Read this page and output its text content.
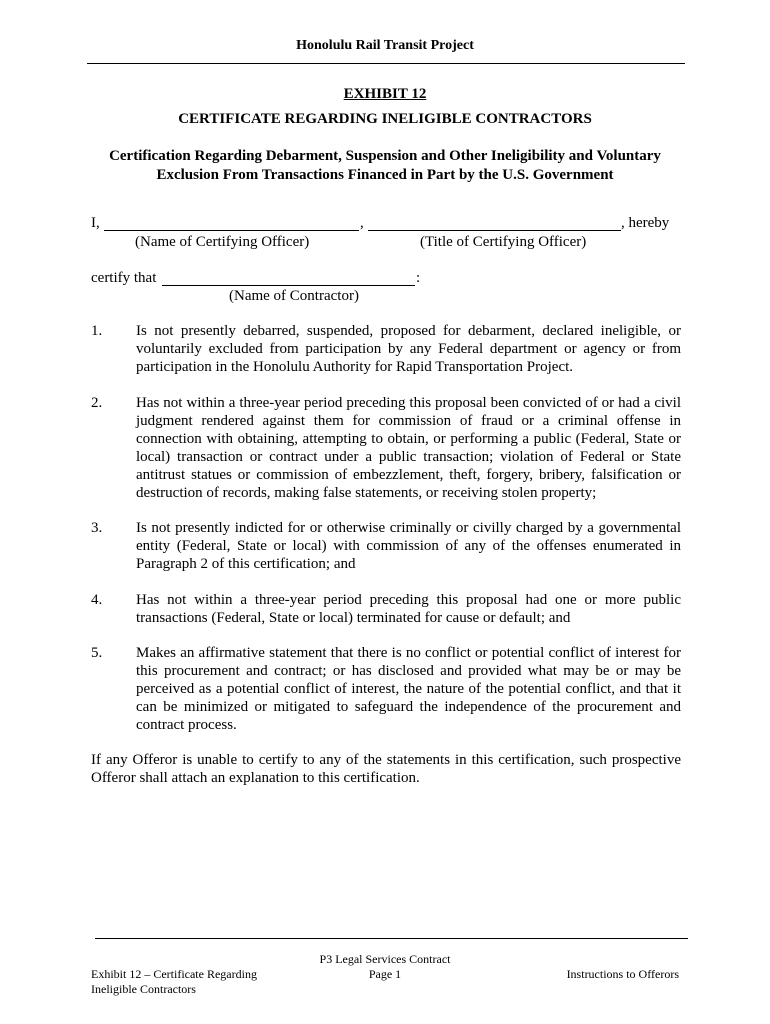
Honolulu Rail Transit Project
EXHIBIT 12
CERTIFICATE REGARDING INELIGIBLE CONTRACTORS
Certification Regarding Debarment, Suspension and Other Ineligibility and Voluntary Exclusion From Transactions Financed in Part by the U.S. Government
I,	,	, hereby
(Name of Certifying Officer)	(Title of Certifying Officer)
certify that	:
(Name of Contractor)
1.	Is not presently debarred, suspended, proposed for debarment, declared ineligible, or voluntarily excluded from participation by any Federal department or agency or from participation in the Honolulu Authority for Rapid Transportation Project.
2.	Has not within a three-year period preceding this proposal been convicted of or had a civil judgment rendered against them for commission of fraud or a criminal offense in connection with obtaining, attempting to obtain, or performing a public (Federal, State or local) transaction or contract under a public transaction; violation of Federal or State antitrust statues or commission of embezzlement, theft, forgery, bribery, falsification or destruction of records, making false statements, or receiving stolen property;
3.	Is not presently indicted for or otherwise criminally or civilly charged by a governmental entity (Federal, State or local) with commission of any of the offenses enumerated in Paragraph 2 of this certification; and
4.	Has not within a three-year period preceding this proposal had one or more public transactions (Federal, State or local) terminated for cause or default; and
5.	Makes an affirmative statement that there is no conflict or potential conflict of interest for this procurement and contract; or has disclosed and provided what may be or may be perceived as a potential conflict of interest, the nature of the potential conflict, and that it can be minimized or mitigated to safeguard the independence of the procurement and contract process.
If any Offeror is unable to certify to any of the statements in this certification, such prospective Offeror shall attach an explanation to this certification.
P3 Legal Services Contract
Page 1
Exhibit 12 – Certificate Regarding
Ineligible Contractors
Instructions to Offerors
